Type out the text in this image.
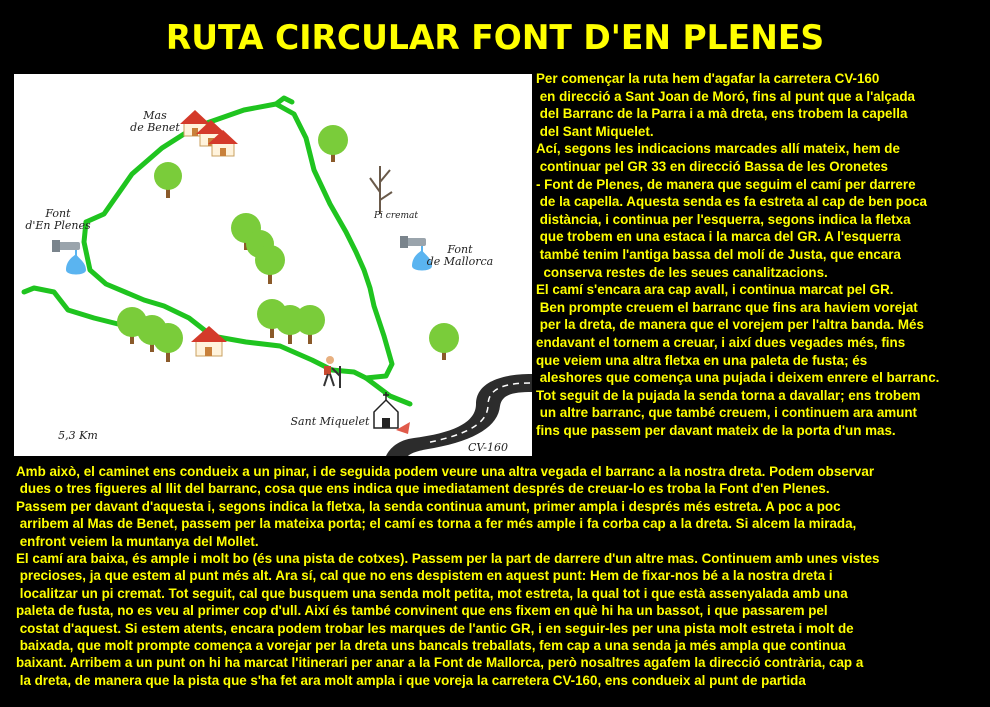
RUTA CIRCULAR FONT D'EN PLENES
Mas
de Benet
Font
d'En Plenes
Pi cremat
Font
de Mallorca
Sant Miquelet
5,3 Km
CV-160
Per començar la ruta hem d'agafar la carretera CV-160
en direcció a Sant Joan de Moró, fins al punt que a l'alçada
del Barranc de la Parra i a mà dreta, ens trobem la capella
del Sant Miquelet.
Ací, segons les indicacions marcades allí mateix, hem de
continuar pel GR 33 en direcció Bassa de les Oronetes
- Font de Plenes, de manera que seguim el camí per darrere
de la capella. Aquesta senda es fa estreta al cap de ben poca
distància, i continua per l'esquerra, segons indica la fletxa
que trobem en una estaca i la marca del GR. A l'esquerra
també tenim l'antiga bassa del molí de Justa, que encara
conserva restes de les seues canalitzacions.
El camí s'encara ara cap avall, i continua marcat pel GR.
Ben prompte creuem el barranc que fins ara haviem vorejat
per la dreta, de manera que el vorejem per l'altra banda. Més
endavant el tornem a creuar, i així dues vegades més, fins
que veiem una altra fletxa en una paleta de fusta; és
aleshores que comença una pujada i deixem enrere el barranc.
Tot seguit de la pujada la senda torna a davallar; ens trobem
un altre barranc, que també creuem, i continuem ara amunt
fins que passem per davant mateix de la porta d'un mas.
Amb això, el caminet ens condueix a un pinar, i de seguida podem veure una altra vegada el barranc a la nostra dreta. Podem observar
dues o tres figueres al llit del barranc, cosa que ens indica que imediatament després de creuar-lo es troba la Font d'en Plenes.
Passem per davant d'aquesta i, segons indica la fletxa, la senda continua amunt, primer ampla i després més estreta. A poc a poc
arribem al Mas de Benet, passem per la mateixa porta; el camí es torna a fer més ample i fa corba cap a la dreta. Si alcem la mirada,
enfront veiem la muntanya del Mollet.
El camí ara baixa, és ample i molt bo (és una pista de cotxes). Passem per la part de darrere d'un altre mas. Continuem amb unes vistes
precioses, ja que estem al punt més alt. Ara sí, cal que no ens despistem en aquest punt: Hem de fixar-nos bé a la nostra dreta i
localitzar un pi cremat. Tot seguit, cal que busquem una senda molt petita, mot estreta, la qual tot i que està assenyalada amb una
paleta de fusta, no es veu al primer cop d'ull. Així és també convinent que ens fixem en què hi ha un bassot, i que passarem pel
costat d'aquest. Si estem atents, encara podem trobar les marques de l'antic GR, i en seguir-les per una pista molt estreta i molt de
baixada, que molt prompte comença a vorejar per la dreta uns bancals treballats, fem cap a una senda ja més ampla que continua
baixant. Arribem a un punt on hi ha marcat l'itinerari per anar a la Font de Mallorca, però nosaltres agafem la direcció contrària, cap a
la dreta, de manera que la pista que s'ha fet ara molt ampla i que voreja la carretera CV-160, ens condueix al punt de partida
